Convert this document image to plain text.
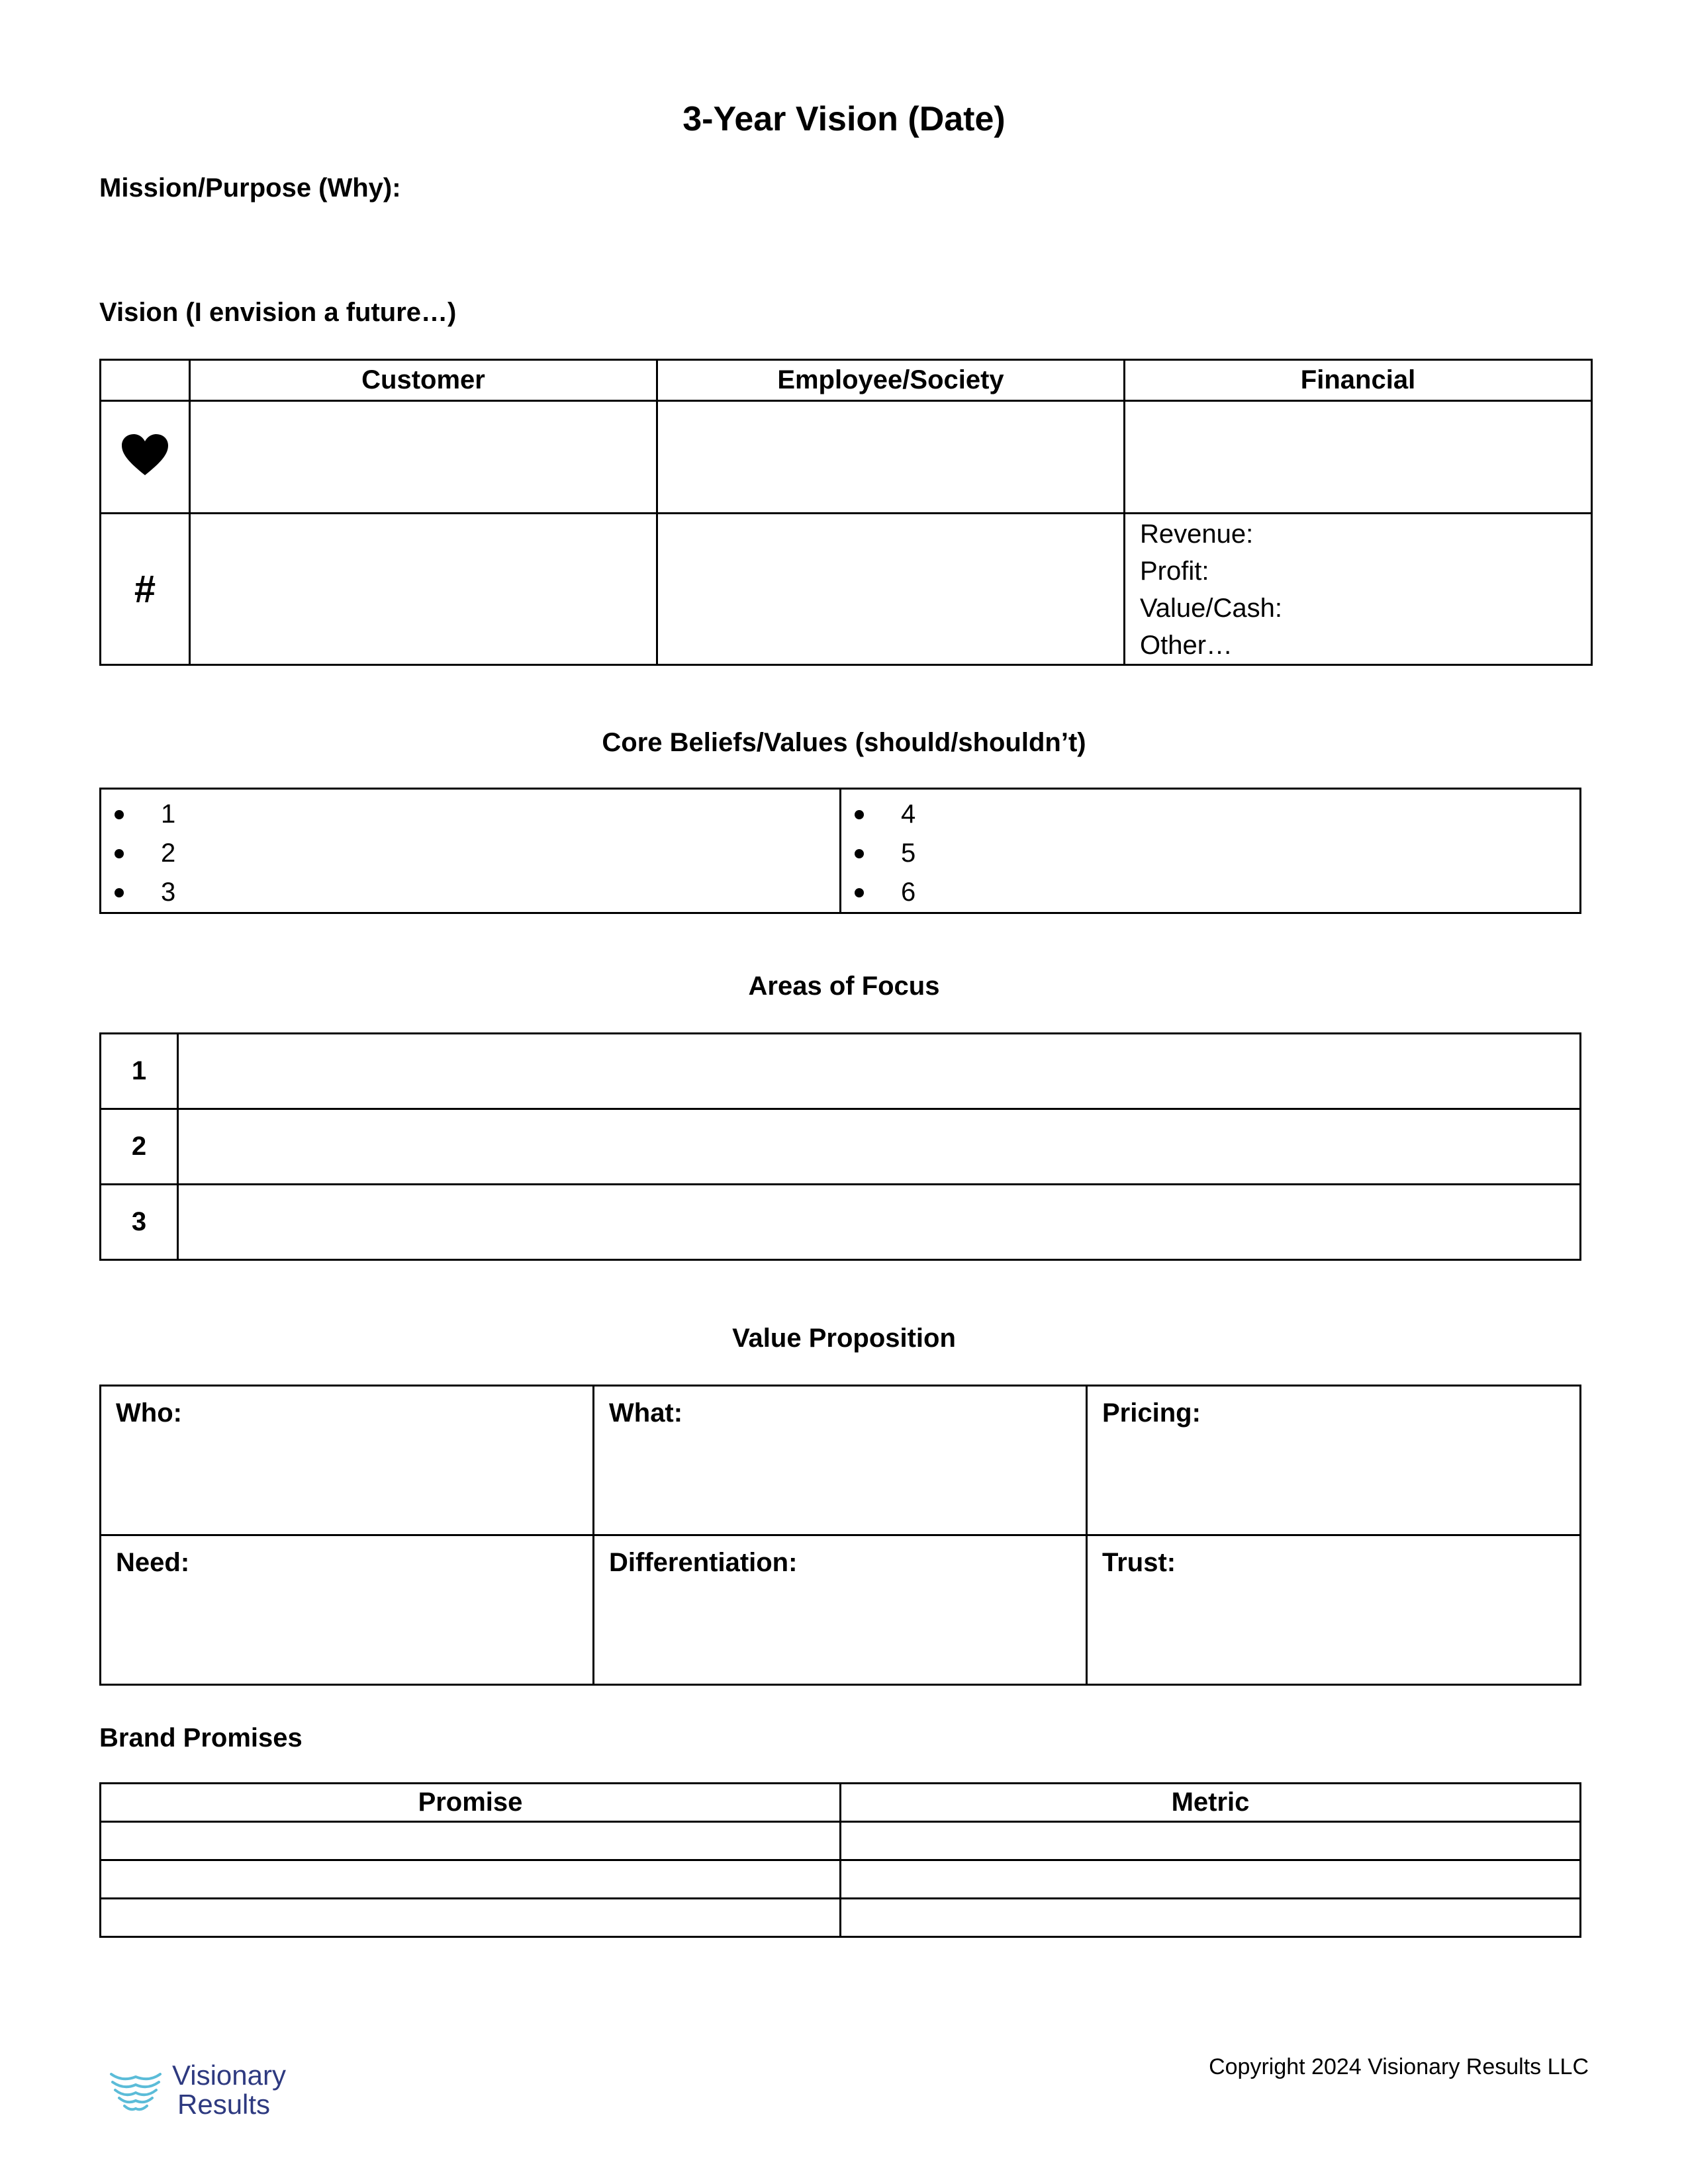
3-Year Vision (Date)
Mission/Purpose (Why):
Vision (I envision a future…)
	Customer	Employee/Society	Financial

#			Revenue:
Profit:
Value/Cash:
Other…
Core Beliefs/Values (should/shouldn’t)
1
2
3

4
5
6
Areas of Focus
1	
2	
3	
Value Proposition
Who:	What:	Pricing:
Need:	Differentiation:	Trust:
Brand Promises
Promise	Metric

Visionary
Results
Copyright 2024 Visionary Results LLC
